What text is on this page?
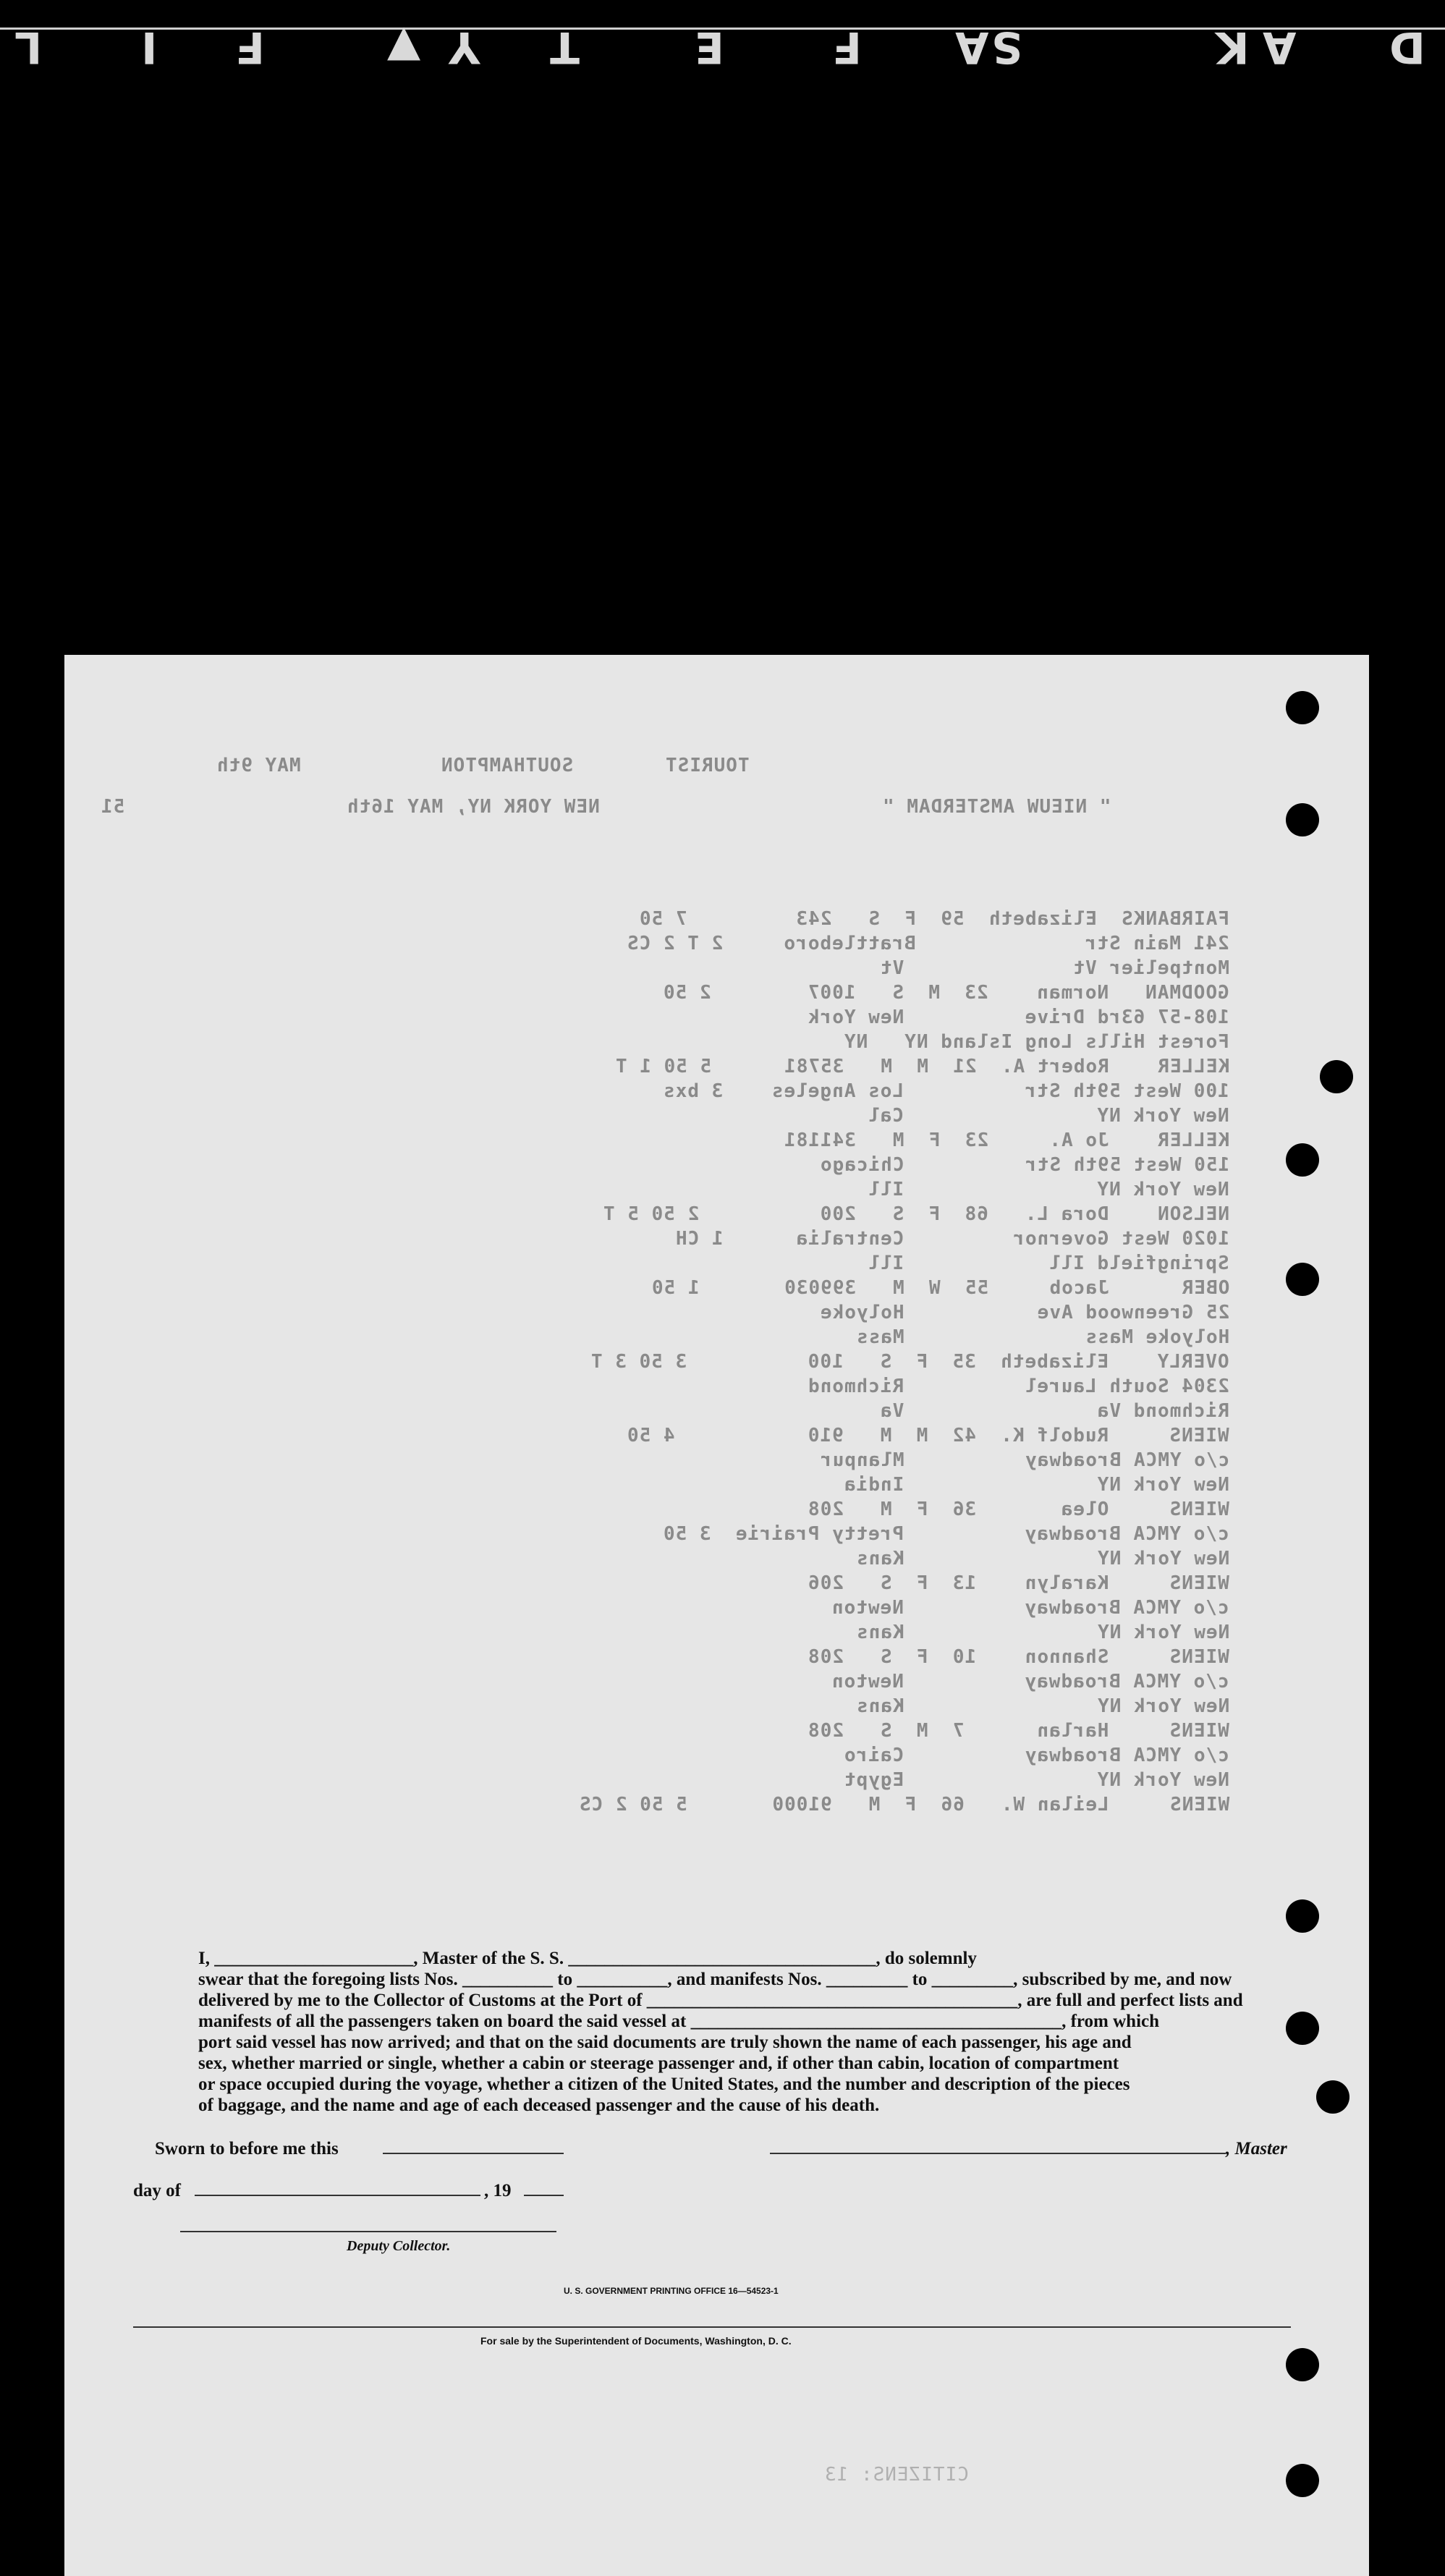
D
A
K
S
A
F
E
T
Y
▼
F
I
L
MAY 9th	SOUTHAMPTON	TOURIST
51	NEW YORK NY, MAY 16th	" NIEUW AMSTERDAM "
FAIRBANKS  Elizabeth  59  F  S   243         7 50
241 Main Str              Brattleboro     2 T 2 CS
Montpelier Vt              Vt
GOODMAN   Norman    23  M  S   1007        2 50
108-57 63rd Drive          New York
Forest Hills Long Island NY   NY
KELLER    Robert A.  21  M  M   35781      5 50 1 T
100 West 59th Str          Los Angeles    3 bxs
New York NY                Cal
KELLER    Jo A.     23  F  M   341181
150 West 59th Str          Chicago
New York NY                Ill
NELSON    Dora L.   68  F  S   200          2 50 5 T
1020 West Governor         Centralia      1 CH
Springfield Ill            Ill
OBER      Jacob     55  W  M   399030       1 50
25 Greenwood Ave           Holyoke
Holyoke Mass               Mass
OVERLY    Elizabeth  35  F  S   100          3 50 3 T
2304 South Laurel          Richmond
Richmond Va                Va
WIENS     Rudolf K.  42  M  M   910           4 50
c/o YMCA Broadway          Mlanpur
New York NY                India
WIENS     Olea       36  F  M   208
c/o YMCA Broadway          Pretty Prairie  3 50
New York NY                Kans
WIENS     Karalyn    13  F  S   206
c/o YMCA Broadway          Newton
New York NY                Kans
WIENS     Shannon    10  F  S   208
c/o YMCA Broadway          Newton
New York NY                Kans
WIENS     Harlan      7  M  S   208
c/o YMCA Broadway          Cairo
New York NY                Egypt
WIENS     Leilan W.   66  F  M   91000       5 50 2 CS
CITIZENS: 13
I, ______________________, Master of the S. S. __________________________________, do solemnly
swear that the foregoing lists Nos. __________ to __________, and manifests Nos. _________ to _________, subscribed by me, and now
delivered by me to the Collector of Customs at the Port of _________________________________________, are full and perfect lists and
manifests of all the passengers taken on board the said vessel at _________________________________________, from which
port said vessel has now arrived; and that on the said documents are truly shown the name of each passenger, his age and
sex, whether married or single, whether a cabin or steerage passenger and, if other than cabin, location of compartment
or space occupied during the voyage, whether a citizen of the United States, and the number and description of the pieces
of baggage, and the name and age of each deceased passenger and the cause of his death.
Sworn to before me this	, Master
day of	, 19
Deputy Collector.
U. S. GOVERNMENT PRINTING OFFICE 16—54523-1
For sale by the Superintendent of Documents, Washington, D. C.
